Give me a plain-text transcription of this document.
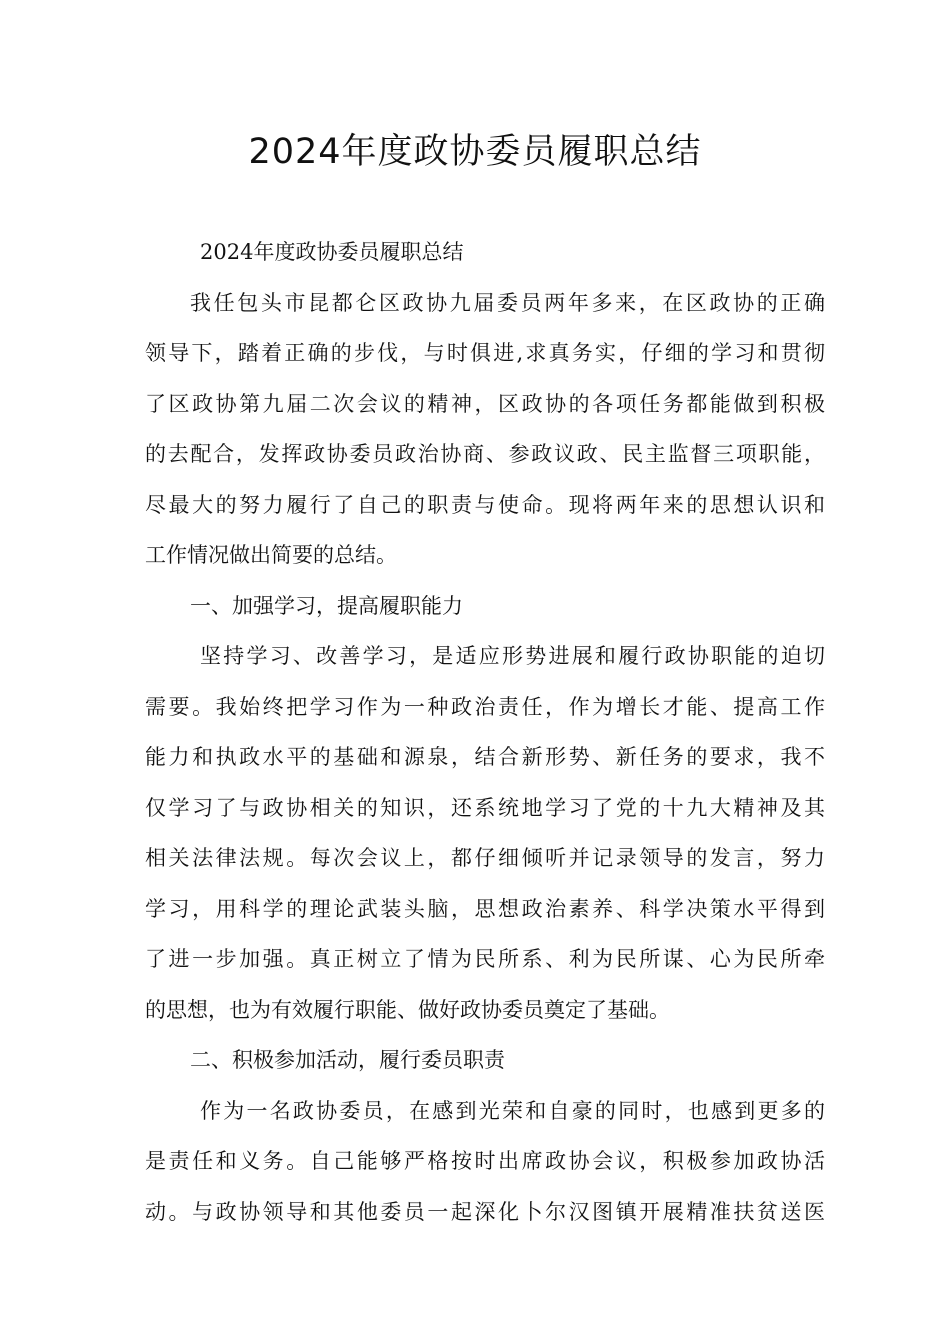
2024年度政协委员履职总结
2024年度政协委员履职总结
我任包头市昆都仑区政协九届委员两年多来，在区政协的正确
领导下，踏着正确的步伐，与时俱进,求真务实，仔细的学习和贯彻
了区政协第九届二次会议的精神，区政协的各项任务都能做到积极
的去配合，发挥政协委员政治协商、参政议政、民主监督三项职能，
尽最大的努力履行了自己的职责与使命。现将两年来的思想认识和
工作情况做出简要的总结。
一、加强学习，提高履职能力
坚持学习、改善学习，是适应形势进展和履行政协职能的迫切
需要。我始终把学习作为一种政治责任，作为增长才能、提高工作
能力和执政水平的基础和源泉，结合新形势、新任务的要求，我不
仅学习了与政协相关的知识，还系统地学习了党的十九大精神及其
相关法律法规。每次会议上，都仔细倾听并记录领导的发言，努力
学习，用科学的理论武装头脑，思想政治素养、科学决策水平得到
了进一步加强。真正树立了情为民所系、利为民所谋、心为民所牵
的思想，也为有效履行职能、做好政协委员奠定了基础。
二、积极参加活动，履行委员职责
作为一名政协委员，在感到光荣和自豪的同时，也感到更多的
是责任和义务。自己能够严格按时出席政协会议，积极参加政协活
动。与政协领导和其他委员一起深化卜尔汉图镇开展精准扶贫送医
